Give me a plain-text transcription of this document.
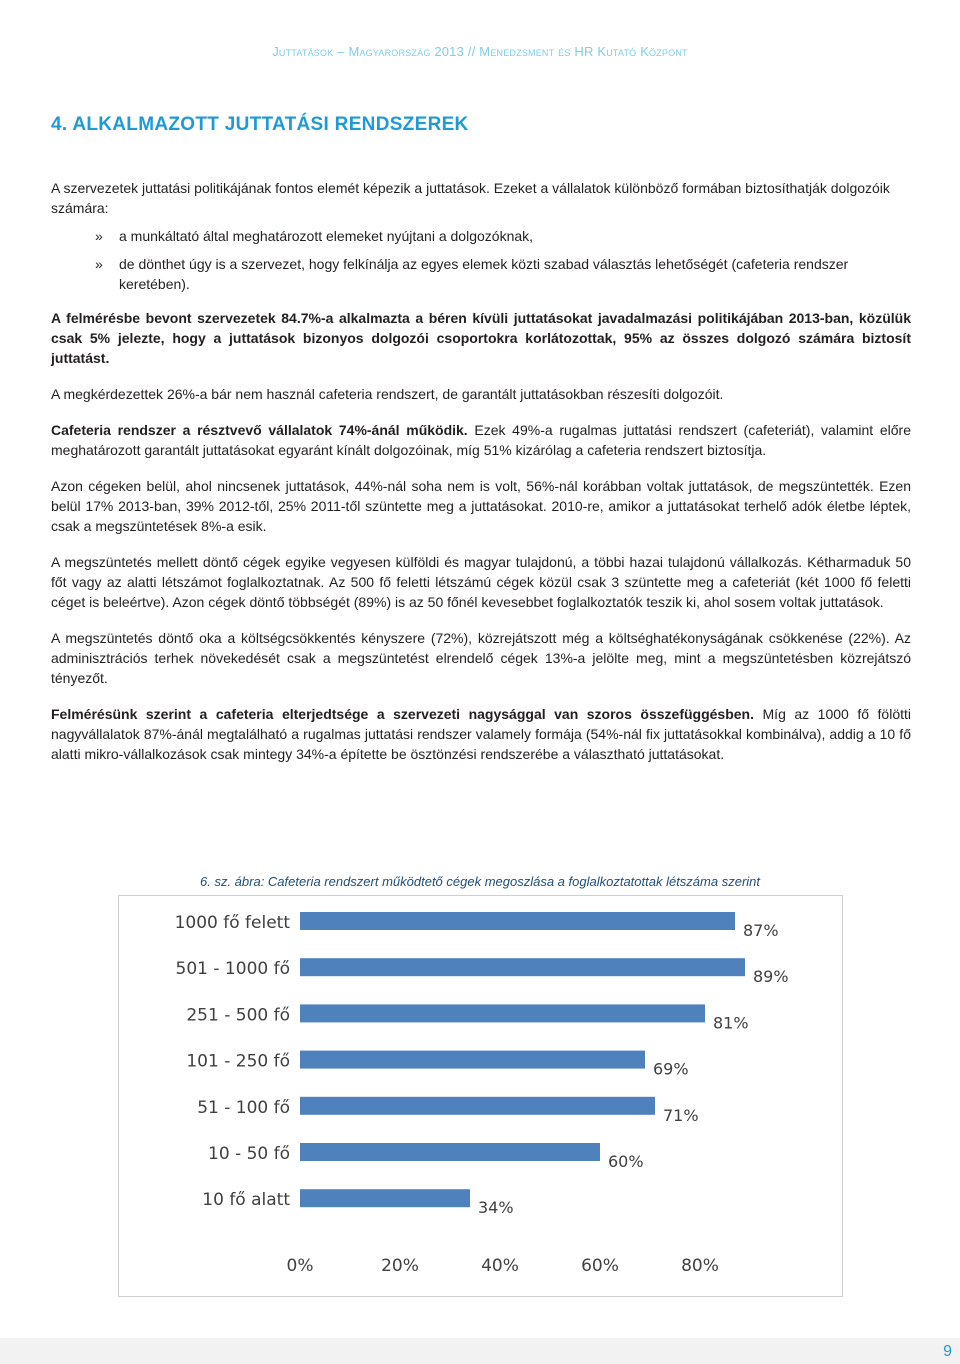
Juttatások – Magyarország 2013 // Menedzsment és HR Kutató Központ
4. ALKALMAZOTT JUTTATÁSI RENDSZEREK

A szervezetek juttatási politikájának fontos elemét képezik a juttatások. Ezeket a vállalatok különböző formában biztosíthatják dolgozóik számára:

» a munkáltató által meghatározott elemeket nyújtani a dolgozóknak,
» de dönthet úgy is a szervezet, hogy felkínálja az egyes elemek közti szabad választás lehetőségét (cafeteria rendszer keretében).

A felmérésbe bevont szervezetek 84.7%-a alkalmazta a béren kívüli juttatásokat javadalmazási politikájában 2013-ban, közülük csak 5% jelezte, hogy a juttatások bizonyos dolgozói csoportokra korlátozottak, 95% az összes dolgozó számára biztosít juttatást.

A megkérdezettek 26%-a bár nem használ cafeteria rendszert, de garantált juttatásokban részesíti dolgozóit.

Cafeteria rendszer a résztvevő vállalatok 74%-ánál működik. Ezek 49%-a rugalmas juttatási rendszert (cafeteriát), valamint előre meghatározott garantált juttatásokat egyaránt kínált dolgozóinak, míg 51% kizárólag a cafeteria rendszert biztosítja.

Azon cégeken belül, ahol nincsenek juttatások, 44%-nál soha nem is volt, 56%-nál korábban voltak juttatások, de megszüntették. Ezen belül 17% 2013-ban, 39% 2012-től, 25% 2011-től szüntette meg a juttatásokat. 2010-re, amikor a juttatásokat terhelő adók életbe léptek, csak a megszüntetések 8%-a esik.

A megszüntetés mellett döntő cégek egyike vegyesen külföldi és magyar tulajdonú, a többi hazai tulajdonú vállalkozás. Kétharmaduk 50 főt vagy az alatti létszámot foglalkoztatnak. Az 500 fő feletti létszámú cégek közül csak 3 szüntette meg a cafeteriát (két 1000 fő feletti céget is beleértve). Azon cégek döntő többségét (89%) is az 50 főnél kevesebbet foglalkoztatók teszik ki, ahol sosem voltak juttatások.

A megszüntetés döntő oka a költségcsökkentés kényszere (72%), közrejátszott még a költséghatékonyságának csökkenése (22%). Az adminisztrációs terhek növekedését csak a megszüntetést elrendelő cégek 13%-a jelölte meg, mint a megszüntetésben közrejátszó tényezőt.

Felmérésünk szerint a cafeteria elterjedtsége a szervezeti nagysággal van szoros összefüggésben. Míg az 1000 fő fölötti nagyvállalatok 87%-ánál megtalálható a rugalmas juttatási rendszer valamely formája (54%-nál fix juttatásokkal kombinálva), addig a 10 fő alatti mikro-vállalkozások csak mintegy 34%-a építette be ösztönzési rendszerébe a választható juttatásokat.

6. sz. ábra: Cafeteria rendszert működtető cégek megoszlása a foglalkoztatottak létszáma szerint
1000 fő felett	87%
501 - 1000 fő	89%
251 - 500 fő	81%
101 - 250 fő	69%
51 - 100 fő	71%
10 - 50 fő	60%
10 fő alatt	34%
0%	20%	40%	60%	80%
9
